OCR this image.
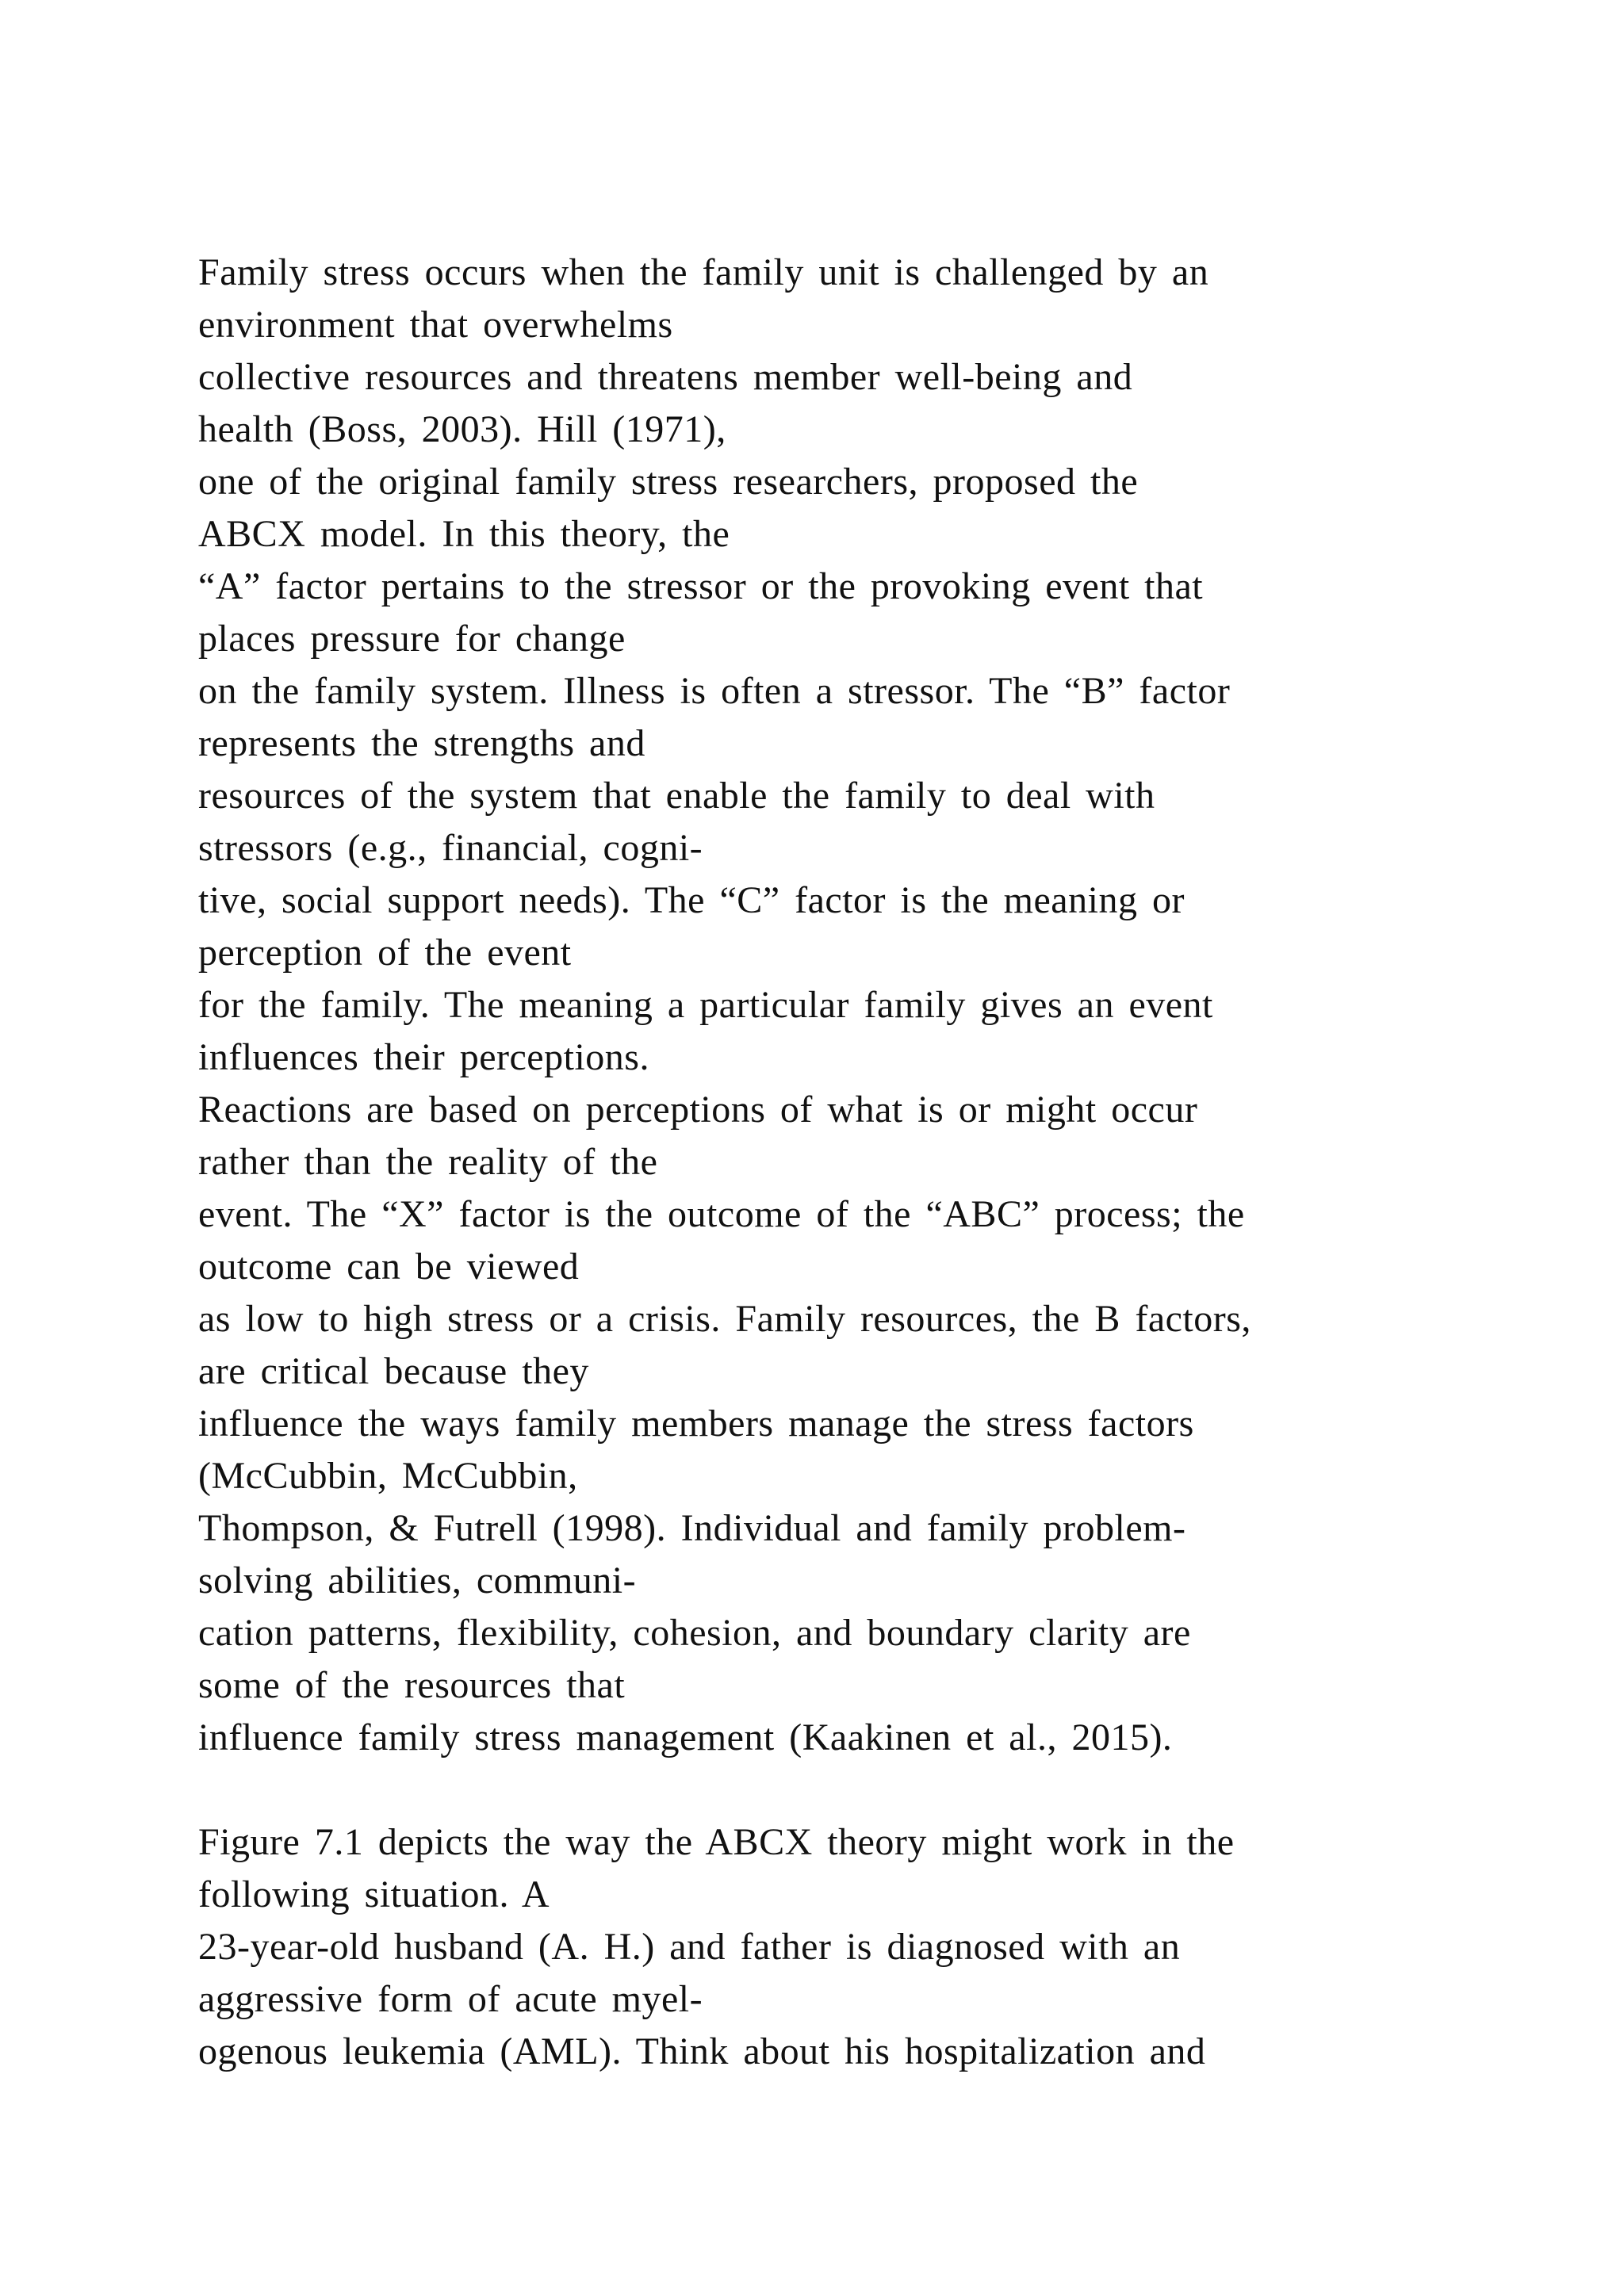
Family stress occurs when the family unit is challenged by an
environment that overwhelms
collective resources and threatens member well-being and
health (Boss, 2003). Hill (1971),
one of the original family stress researchers, proposed the
ABCX model. In this theory, the
“A” factor pertains to the stressor or the provoking event that
places pressure for change
on the family system. Illness is often a stressor. The “B” factor
represents the strengths and
resources of the system that enable the family to deal with
stressors (e.g., financial, cogni-
tive, social support needs). The “C” factor is the meaning or
perception of the event
for the family. The meaning a particular family gives an event
influences their perceptions.
Reactions are based on perceptions of what is or might occur
rather than the reality of the
event. The “X” factor is the outcome of the “ABC” process; the
outcome can be viewed
as low to high stress or a crisis. Family resources, the B factors,
are critical because they
influence the ways family members manage the stress factors
(McCubbin, McCubbin,
Thompson, & Futrell (1998). Individual and family problem-
solving abilities, communi-
cation patterns, flexibility, cohesion, and boundary clarity are
some of the resources that
influence family stress management (Kaakinen et al., 2015).
Figure 7.1 depicts the way the ABCX theory might work in the
following situation. A
23-year-old husband (A. H.) and father is diagnosed with an
aggressive form of acute myel-
ogenous leukemia (AML). Think about his hospitalization and
